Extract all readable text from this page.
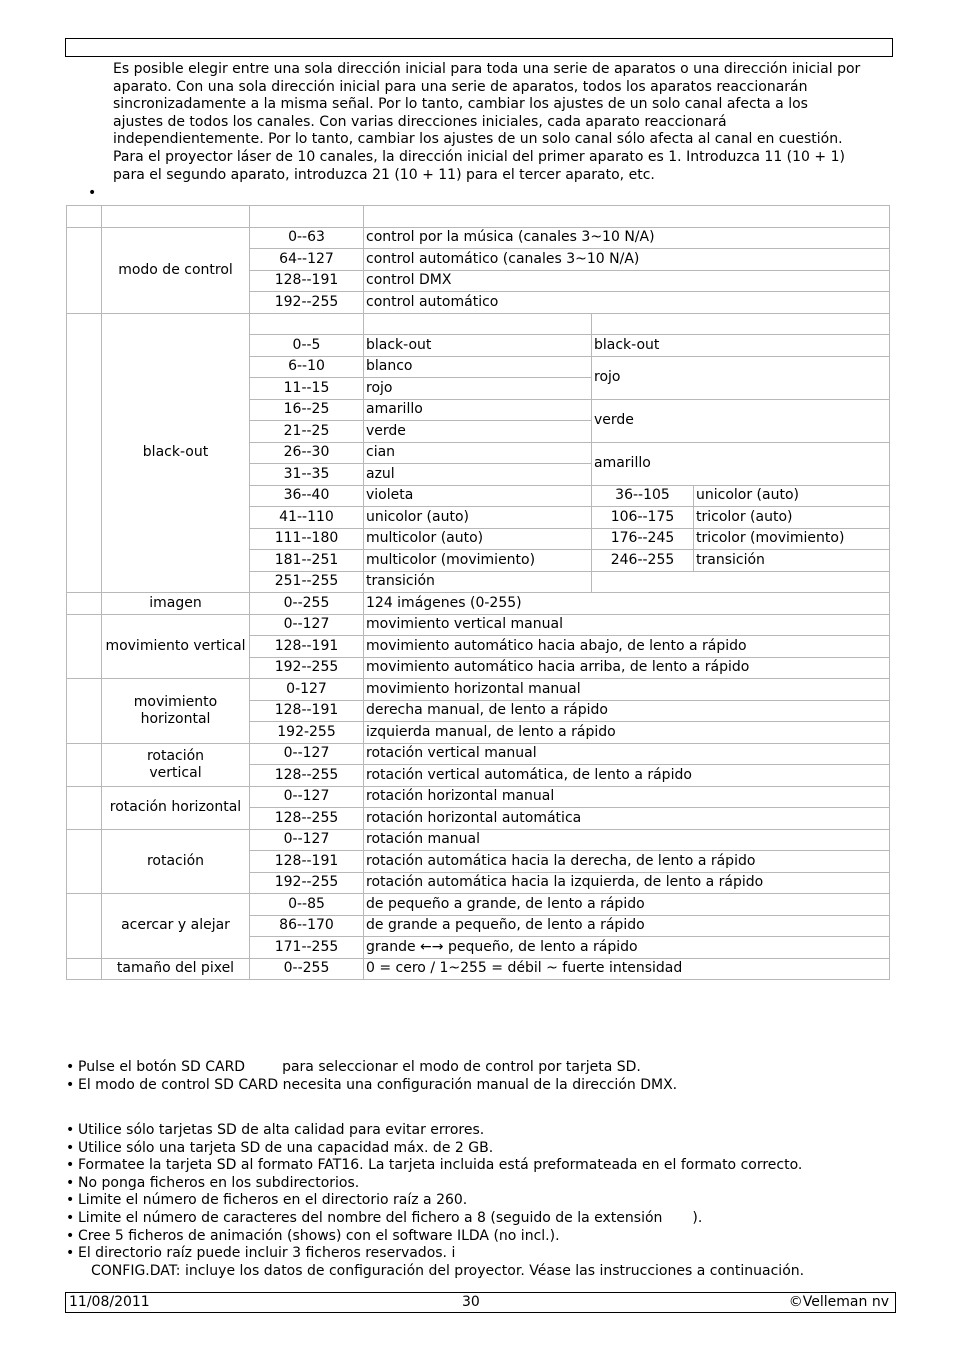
Es posible elegir entre una sola dirección inicial para toda una serie de aparatos o una dirección inicial por
aparato. Con una sola dirección inicial para una serie de aparatos, todos los aparatos reaccionarán
sincronizadamente a la misma señal. Por lo tanto, cambiar los ajustes de un solo canal afecta a los
ajustes de todos los canales. Con varias direcciones iniciales, cada aparato reaccionará
independientemente. Por lo tanto, cambiar los ajustes de un solo canal sólo afecta al canal en cuestión.
Para el proyector láser de 10 canales, la dirección inicial del primer aparato es 1. Introduzca 11 (10 + 1)
para el segundo aparato, introduzca 21 (10 + 11) para el tercer aparato, etc.
•

	modo de control	0--63	control por la música (canales 3~10 N/A)		
		64--127	control automático (canales 3~10 N/A)		
		128--191	control DMX		
		192--255	control automático		
	black-out				
		0--5	black-out	black-out	
		6--10	blanco	rojo	
		11--15	rojo		
		16--25	amarillo	verde	
		21--25	verde		
		26--30	cian	amarillo	
		31--35	azul		
		36--40	violeta	36--105	unicolor (auto)
		41--110	unicolor (auto)	106--175	tricolor (auto)
		111--180	multicolor (auto)	176--245	tricolor (movimiento)
		181--251	multicolor (movimiento)	246--255	transición
		251--255	transición		
	imagen	0--255	124 imágenes (0-255)		
	movimiento vertical	0--127	movimiento vertical manual		
		128--191	movimiento automático hacia abajo, de lento a rápido		
		192--255	movimiento automático hacia arriba, de lento a rápido		

	movimiento
horizontal	0-127	movimiento horizontal manual		
		128--191	derecha manual, de lento a rápido		
		192-255	izquierda manual, de lento a rápido		

	rotación
vertical	0--127	rotación vertical manual		
		128--255	rotación vertical automática, de lento a rápido		
	rotación horizontal	0--127	rotación horizontal manual		
		128--255	rotación horizontal automática		
	rotación	0--127	rotación manual		
		128--191	rotación automática hacia la derecha, de lento a rápido		
		192--255	rotación automática hacia la izquierda, de lento a rápido		
	acercar y alejar	0--85	de pequeño a grande, de lento a rápido		
		86--170	de grande a pequeño, de lento a rápido		
		171--255	grande ←→ pequeño, de lento a rápido		
	tamaño del pixel	0--255	0 = cero / 1~255 = débil ~ fuerte intensidad		
• Pulse el botón SD CARD	para seleccionar el modo de control por tarjeta SD.
• El modo de control SD CARD necesita una configuración manual de la dirección DMX.
• Utilice sólo tarjetas SD de alta calidad para evitar errores.
• Utilice sólo una tarjeta SD de una capacidad máx. de 2 GB.
• Formatee la tarjeta SD al formato FAT16. La tarjeta incluida está preformateada en el formato correcto.
• No ponga ficheros en los subdirectorios.
• Limite el número de ficheros en el directorio raíz a 260.
• Limite el número de caracteres del nombre del fichero a 8 (seguido de la extensión ).
• Cree 5 ficheros de animación (shows) con el software ILDA (no incl.).
• El directorio raíz puede incluir 3 ficheros reservados. i
CONFIG.DAT: incluye los datos de configuración del proyector. Véase las instrucciones a continuación.
11/08/2011	30	©Velleman nv
